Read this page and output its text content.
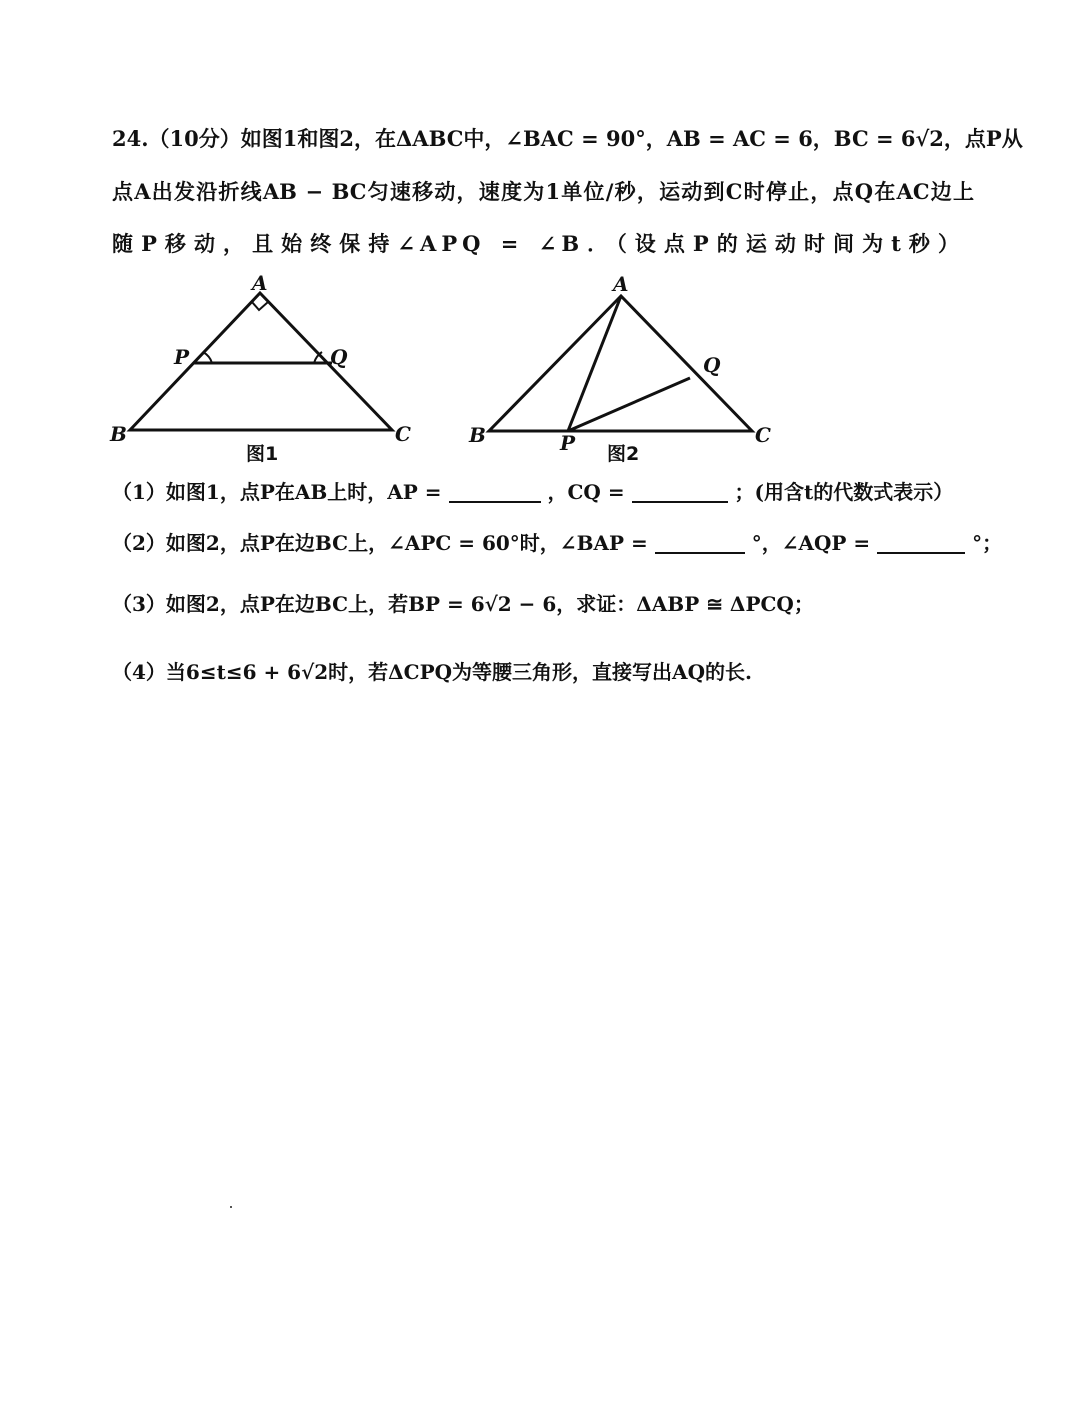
24.（10分）如图1和图2，在ΔABC中，∠BAC = 90°，AB = AC = 6，BC = 6√2，点P从
点A出发沿折线AB − BC匀速移动，速度为1单位/秒，运动到C时停止，点Q在AC边上
随P移动，且始终保持∠APQ = ∠B．（设点P的运动时间为t秒）
A
P	Q
B	C
图1
A
Q
B	P	C
图2
（1）如图1，点P在AB上时，AP =	，CQ =	；(用含t的代数式表示）
（2）如图2，点P在边BC上，∠APC = 60°时，∠BAP =	°，∠AQP =	°；
（3）如图2，点P在边BC上，若BP = 6√2 − 6，求证：ΔABP ≅ ΔPCQ；
（4）当6≤t≤6 + 6√2时，若ΔCPQ为等腰三角形，直接写出AQ的长.
